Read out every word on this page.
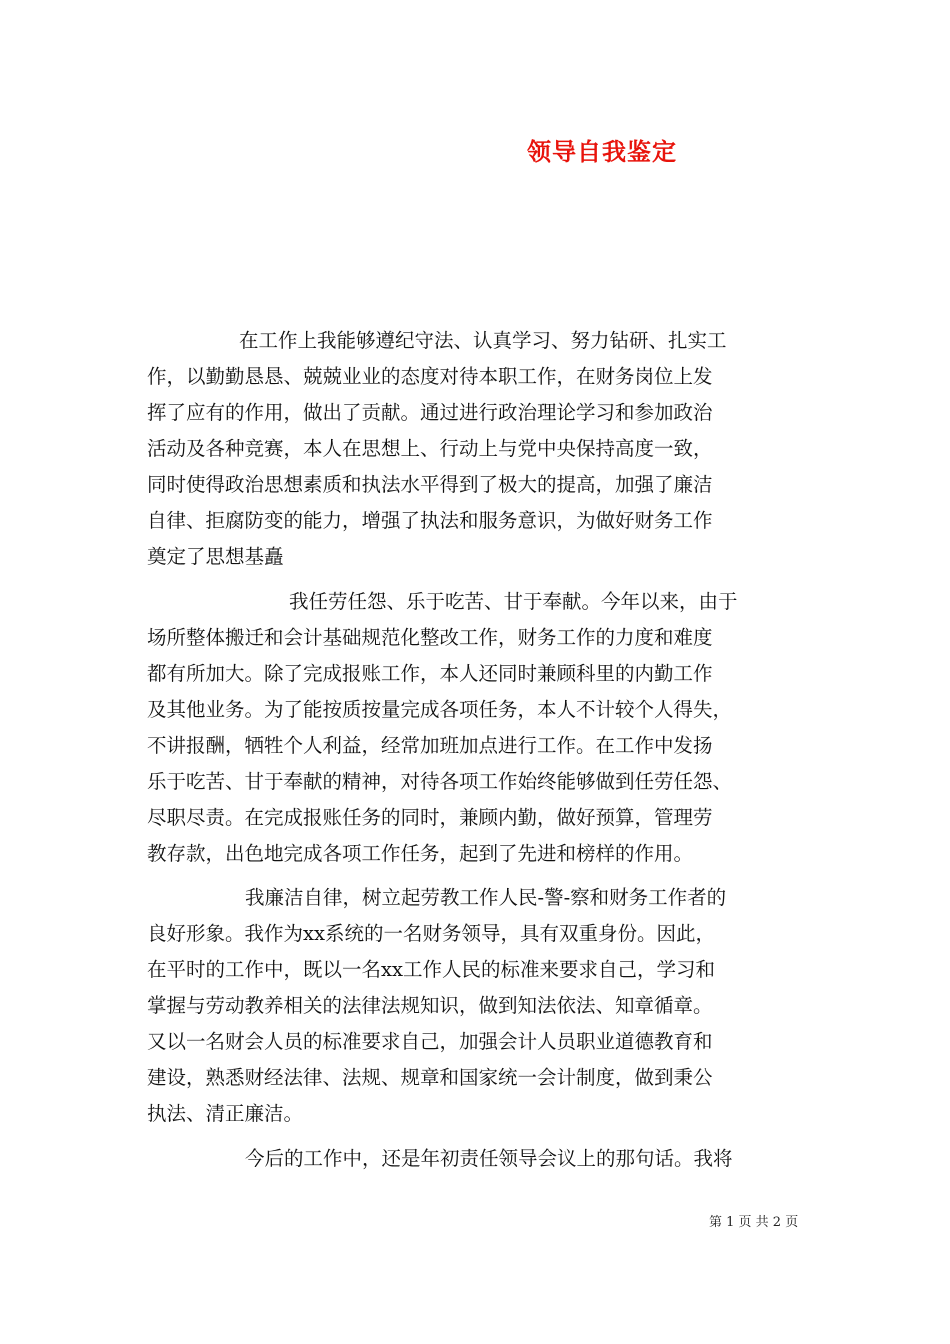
领导自我鉴定
在工作上我能够遵纪守法、认真学习、努力钻研、扎实工
作，以勤勤恳恳、兢兢业业的态度对待本职工作，在财务岗位上发
挥了应有的作用，做出了贡献。通过进行政治理论学习和参加政治
活动及各种竞赛，本人在思想上、行动上与党中央保持高度一致，
同时使得政治思想素质和执法水平得到了极大的提高，加强了廉洁
自律、拒腐防变的能力，增强了执法和服务意识，为做好财务工作
奠定了思想基矗
我任劳任怨、乐于吃苦、甘于奉献。今年以来，由于
场所整体搬迁和会计基础规范化整改工作，财务工作的力度和难度
都有所加大。除了完成报账工作，本人还同时兼顾科里的内勤工作
及其他业务。为了能按质按量完成各项任务，本人不计较个人得失，
不讲报酬，牺牲个人利益，经常加班加点进行工作。在工作中发扬
乐于吃苦、甘于奉献的精神，对待各项工作始终能够做到任劳任怨、
尽职尽责。在完成报账任务的同时，兼顾内勤，做好预算，管理劳
教存款，出色地完成各项工作任务，起到了先进和榜样的作用。
我廉洁自律，树立起劳教工作人民-警-察和财务工作者的
良好形象。我作为xx系统的一名财务领导，具有双重身份。因此，
在平时的工作中，既以一名xx工作人民的标准来要求自己，学习和
掌握与劳动教养相关的法律法规知识，做到知法依法、知章循章。
又以一名财会人员的标准要求自己，加强会计人员职业道德教育和
建设，熟悉财经法律、法规、规章和国家统一会计制度，做到秉公
执法、清正廉洁。
今后的工作中，还是年初责任领导会议上的那句话。我将
第 1 页 共 2 页
